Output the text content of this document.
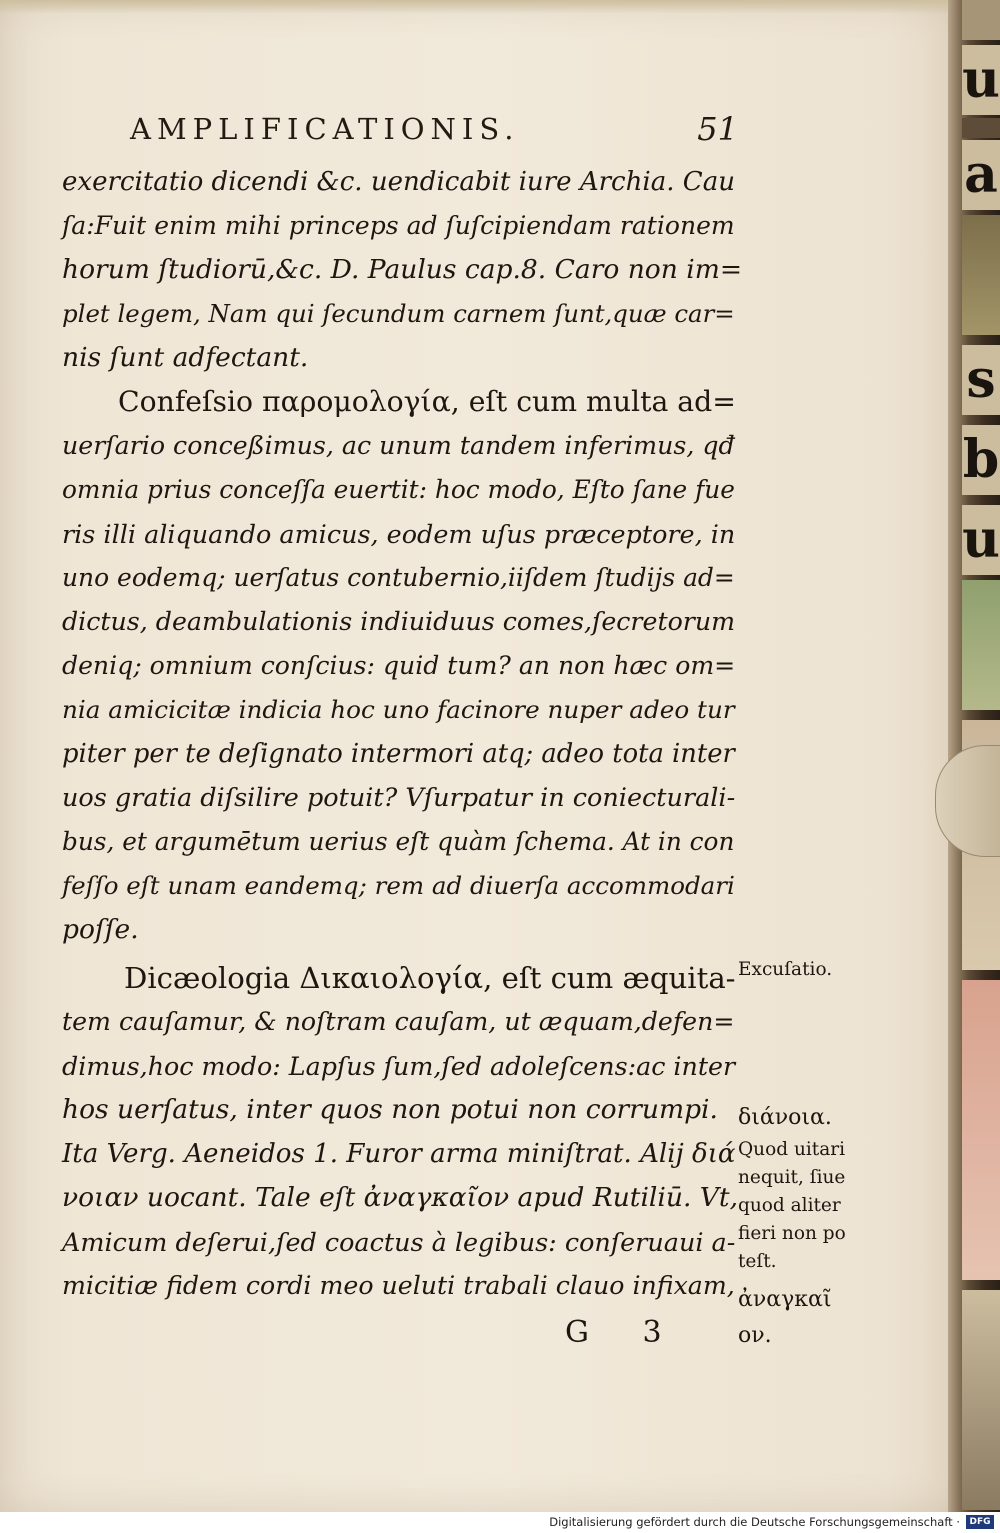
u
a
s
b
u
AMPLIFICATIONIS.	51
exercitatio dicendi &c. uendicabit iure Archia. Cau
ſa:Fuit enim mihi princeps ad ſuſcipiendam rationem
horum ſtudiorū,&c. D. Paulus cap.8. Caro non im=
plet legem, Nam qui ſecundum carnem ſunt,quæ car=
nis ſunt adfectant.
Confeſsio παρομολογία, eſt cum multa ad=
uerſario conceßimus, ac unum tandem inferimus, qđ
omnia prius conceſſa euertit: hoc modo, Eſto ſane fue
ris illi aliquando amicus, eodem uſus præceptore, in
uno eodemq; uerſatus contubernio,iiſdem ſtudijs ad=
dictus, deambulationis indiuiduus comes,ſecretorum
deniq; omnium conſcius: quid tum? an non hæc om=
nia amicicitæ indicia hoc uno facinore nuper adeo tur
piter per te deſignato intermori atq; adeo tota inter
uos gratia diſsilire potuit? Vſurpatur in coniecturali-
bus, et argumētum uerius eſt quàm ſchema. At in con
feſſo eſt unam eandemq; rem ad diuerſa accommodari
poſſe.
Dicæologia Δικαιολογία, eſt cum æquita-
tem cauſamur, & noſtram cauſam, ut æquam,defen=
dimus,hoc modo: Lapſus ſum,ſed adoleſcens:ac inter
hos uerſatus, inter quos non potui non corrumpi.
Ita Verg. Aeneidos 1. Furor arma miniſtrat. Alij διά
νοιαν uocant. Tale eſt ἀναγκαῖον apud Rutiliū. Vt,
Amicum deſerui,ſed coactus à legibus: conſeruaui a-
micitiæ fidem cordi meo ueluti trabali clauo infixam,
Excuſatio.
διάνοια.
Quod uitari
nequit, ſiue
quod aliter
fieri non po
teſt.
ἀναγκαῖ
ον.
G 3
Digitalisierung gefördert durch die Deutsche Forschungsgemeinschaft ·	DFG
